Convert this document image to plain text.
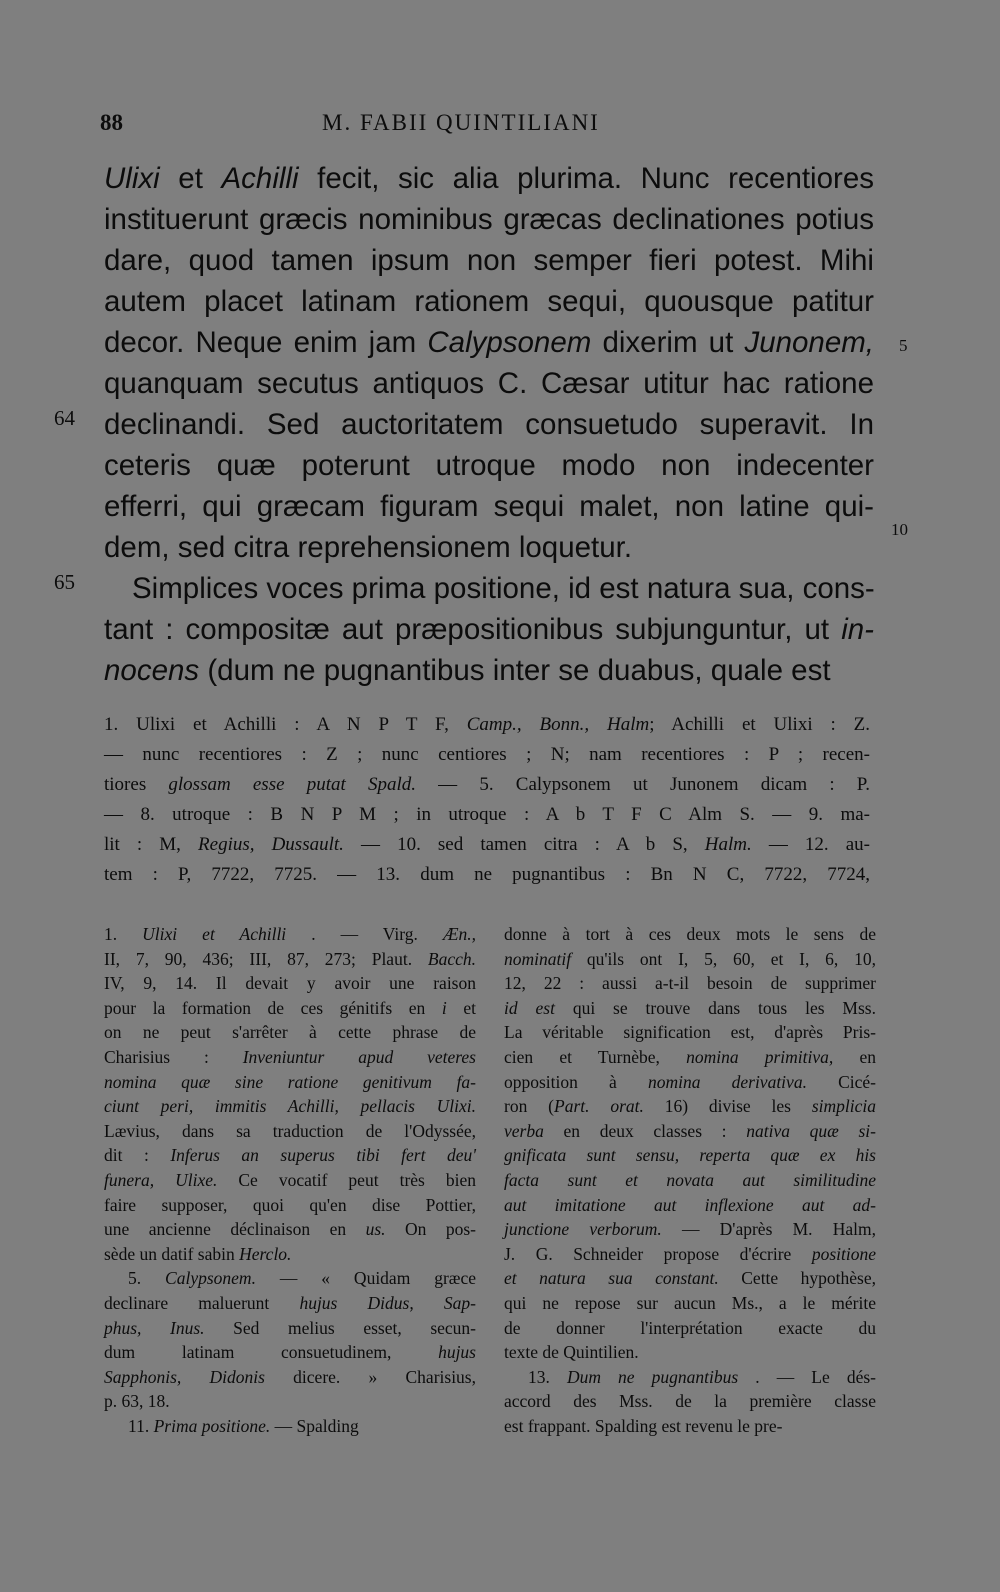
88	M. FABII QUINTILIANI
Ulixi et Achilli fecit, sic alia plurima. Nunc recentiores
instituerunt græcis nominibus græcas declinationes potius
dare, quod tamen ipsum non semper fieri potest. Mihi
autem placet latinam rationem sequi, quousque patitur
decor. Neque enim jam Calypsonem dixerim ut Junonem,
quanquam secutus antiquos C. Cæsar utitur hac ratione
declinandi. Sed auctoritatem consuetudo superavit. In
ceteris quæ poterunt utroque modo non indecenter
efferri, qui græcam figuram sequi malet, non latine qui-
dem, sed citra reprehensionem loquetur.
Simplices voces prima positione, id est natura sua, cons-
tant : compositæ aut præpositionibus subjunguntur, ut in-
nocens (dum ne pugnantibus inter se duabus, quale est
5
10
64
65
1. Ulixi et Achilli : A N P T F, Camp., Bonn., Halm; Achilli et Ulixi : Z.
— nunc recentiores : Z ; nunc centiores ; N; nam recentiores : P ; recen-
tiores glossam esse putat Spald. — 5. Calypsonem ut Junonem dicam : P.
— 8. utroque : B N P M ; in utroque : A b T F C Alm S. — 9. ma-
lit : M, Regius, Dussault. — 10. sed tamen citra : A b S, Halm. — 12. au-
tem : P, 7722, 7725. — 13. dum ne pugnantibus : Bn N C, 7722, 7724,
1. Ulixi et Achilli . — Virg. Æn.,
II, 7, 90, 436; III, 87, 273; Plaut. Bacch.
IV, 9, 14. Il devait y avoir une raison
pour la formation de ces génitifs en i et
on ne peut s'arrêter à cette phrase de
Charisius : Inveniuntur apud veteres
nomina quæ sine ratione genitivum fa-
ciunt peri, immitis Achilli, pellacis Ulixi.
Lævius, dans sa traduction de l'Odyssée,
dit : Inferus an superus tibi fert deu'
funera, Ulixe. Ce vocatif peut très bien
faire supposer, quoi qu'en dise Pottier,
une ancienne déclinaison en us. On pos-
sède un datif sabin Herclo.
5. Calypsonem. — « Quidam græce
declinare maluerunt hujus Didus, Sap-
phus, Inus. Sed melius esset, secun-
dum latinam consuetudinem, hujus
Sapphonis, Didonis dicere. » Charisius,
p. 63, 18.
11. Prima positione. — Spalding
donne à tort à ces deux mots le sens de
nominatif qu'ils ont I, 5, 60, et I, 6, 10,
12, 22 : aussi a-t-il besoin de supprimer
id est qui se trouve dans tous les Mss.
La véritable signification est, d'après Pris-
cien et Turnèbe, nomina primitiva, en
opposition à nomina derivativa. Cicé-
ron (Part. orat. 16) divise les simplicia
verba en deux classes : nativa quæ si-
gnificata sunt sensu, reperta quæ ex his
facta sunt et novata aut similitudine
aut imitatione aut inflexione aut ad-
junctione verborum. — D'après M. Halm,
J. G. Schneider propose d'écrire positione
et natura sua constant. Cette hypothèse,
qui ne repose sur aucun Ms., a le mérite
de donner l'interprétation exacte du
texte de Quintilien.
13. Dum ne pugnantibus . — Le dés-
accord des Mss. de la première classe
est frappant. Spalding est revenu le pre-
